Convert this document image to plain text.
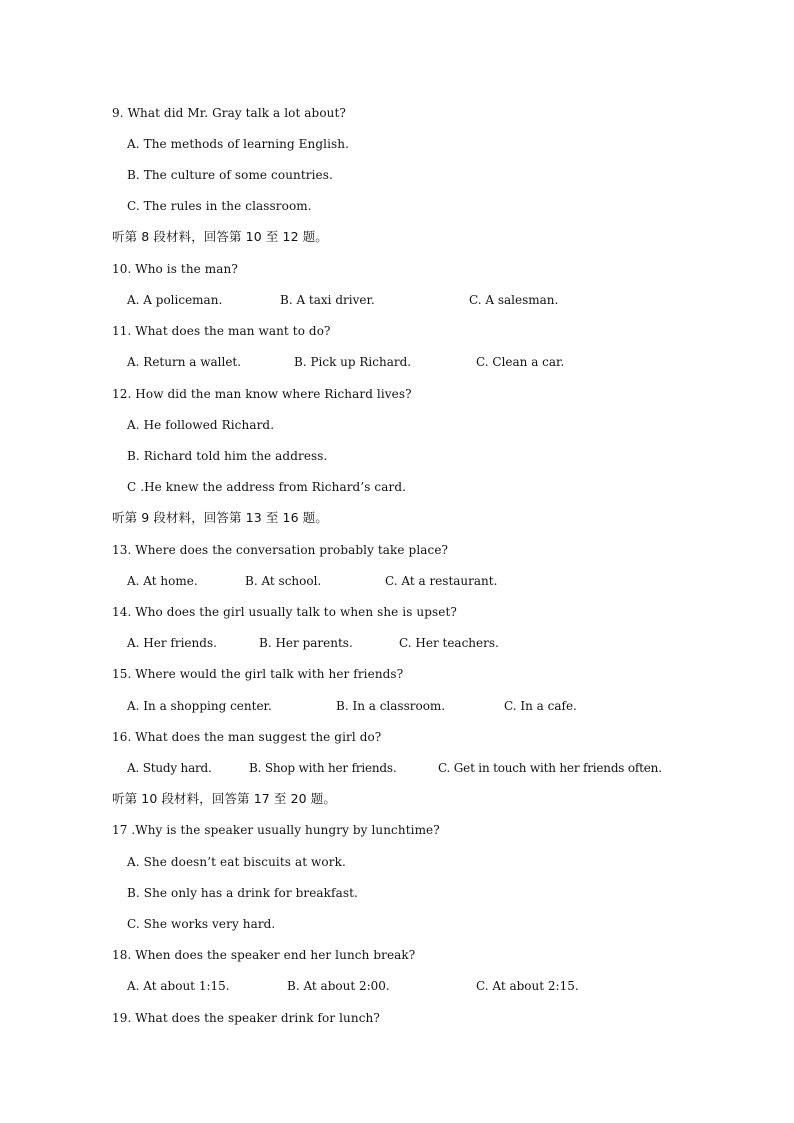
9. What did Mr. Gray talk a lot about?
A. The methods of learning English.
B. The culture of some countries.
C. The rules in the classroom.
听第 8 段材料，回答第 10 至 12 题。
10. Who is the man?

A. A policeman.

	B. A taxi driver.

	C. A salesman.

11. What does the man want to do?

A. Return a wallet.

	B. Pick up Richard.

	C. Clean a car.

12. How did the man know where Richard lives?
A. He followed Richard.
B. Richard told him the address.
C .He knew the address from Richard’s card.
听第 9 段材料，回答第 13 至 16 题。
13. Where does the conversation probably take place?

A. At home.

	B. At school.

	C. At a restaurant.

14. Who does the girl usually talk to when she is upset?

A. Her friends.

	B. Her parents.

	C. Her teachers.

15. Where would the girl talk with her friends?

A. In a shopping center.

	B. In a classroom.

	C. In a cafe.

16. What does the man suggest the girl do?

A. Study hard.

	B. Shop with her friends.

	C. Get in touch with her friends often.

听第 10 段材料，回答第 17 至 20 题。
17 .Why is the speaker usually hungry by lunchtime?
A. She doesn’t eat biscuits at work.
B. She only has a drink for breakfast.
C. She works very hard.
18. When does the speaker end her lunch break?

A. At about 1:15.

	B. At about 2:00.

	C. At about 2:15.

19. What does the speaker drink for lunch?
